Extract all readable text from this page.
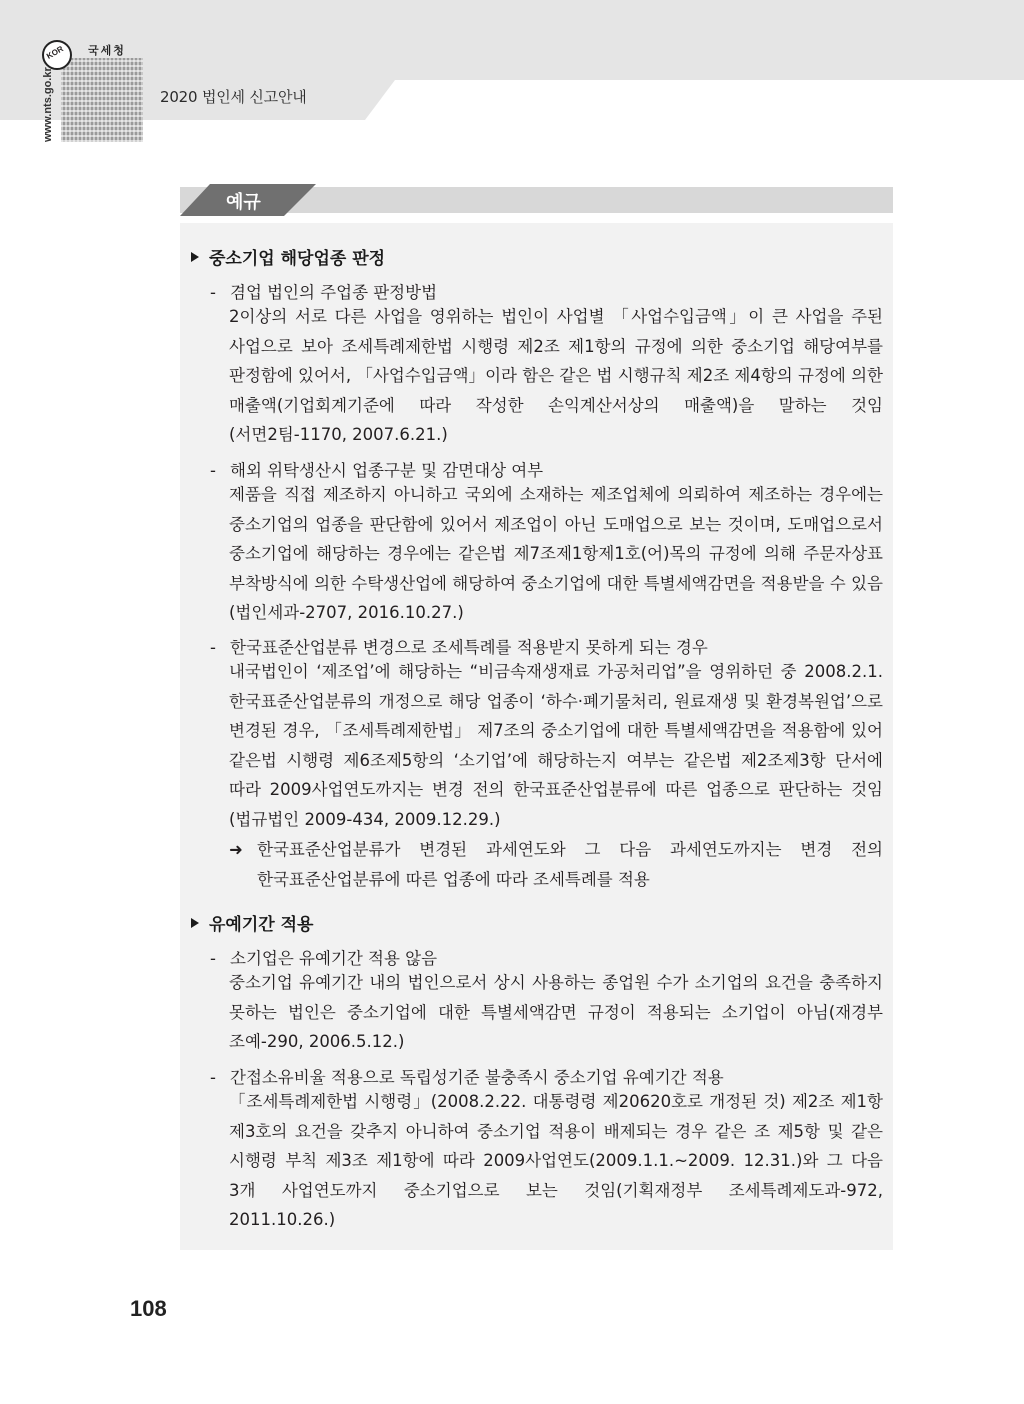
KOR 국세청
www.nts.go.kr	2020 법인세 신고안내
예규
중소기업 해당업종 판정
- 겸업 법인의 주업종 판정방법
2이상의 서로 다른 사업을 영위하는 법인이 사업별 「사업수입금액」이 큰 사업을 주된 사업으로 보아 조세특례제한법 시행령 제2조 제1항의 규정에 의한 중소기업 해당여부를 판정함에 있어서, 「사업수입금액」이라 함은 같은 법 시행규칙 제2조 제4항의 규정에 의한 매출액(기업회계기준에 따라 작성한 손익계산서상의 매출액)을 말하는 것임 (서면2팀-1170, 2007.6.21.)
- 해외 위탁생산시 업종구분 및 감면대상 여부
제품을 직접 제조하지 아니하고 국외에 소재하는 제조업체에 의뢰하여 제조하는 경우에는 중소기업의 업종을 판단함에 있어서 제조업이 아닌 도매업으로 보는 것이며, 도매업으로서 중소기업에 해당하는 경우에는 같은법 제7조제1항제1호(어)목의 규정에 의해 주문자상표 부착방식에 의한 수탁생산업에 해당하여 중소기업에 대한 특별세액감면을 적용받을 수 있음(법인세과-2707, 2016.10.27.)
- 한국표준산업분류 변경으로 조세특례를 적용받지 못하게 되는 경우
내국법인이 ‘제조업’에 해당하는 “비금속재생재료 가공처리업”을 영위하던 중 2008.2.1. 한국표준산업분류의 개정으로 해당 업종이 ‘하수·폐기물처리, 원료재생 및 환경복원업’으로 변경된 경우, 「조세특례제한법」 제7조의 중소기업에 대한 특별세액감면을 적용함에 있어 같은법 시행령 제6조제5항의 ‘소기업’에 해당하는지 여부는 같은법 제2조제3항 단서에 따라 2009사업연도까지는 변경 전의 한국표준산업분류에 따른 업종으로 판단하는 것임(법규법인 2009-434, 2009.12.29.)
➜ 한국표준산업분류가 변경된 과세연도와 그 다음 과세연도까지는 변경 전의 한국표준산업분류에 따른 업종에 따라 조세특례를 적용
유예기간 적용
- 소기업은 유예기간 적용 않음
중소기업 유예기간 내의 법인으로서 상시 사용하는 종업원 수가 소기업의 요건을 충족하지 못하는 법인은 중소기업에 대한 특별세액감면 규정이 적용되는 소기업이 아님(재경부 조예-290, 2006.5.12.)
- 간접소유비율 적용으로 독립성기준 불충족시 중소기업 유예기간 적용
「조세특례제한법 시행령」(2008.2.22. 대통령령 제20620호로 개정된 것) 제2조 제1항 제3호의 요건을 갖추지 아니하여 중소기업 적용이 배제되는 경우 같은 조 제5항 및 같은 시행령 부칙 제3조 제1항에 따라 2009사업연도(2009.1.1.~2009. 12.31.)와 그 다음 3개 사업연도까지 중소기업으로 보는 것임(기획재정부 조세특례제도과-972, 2011.10.26.)
108
